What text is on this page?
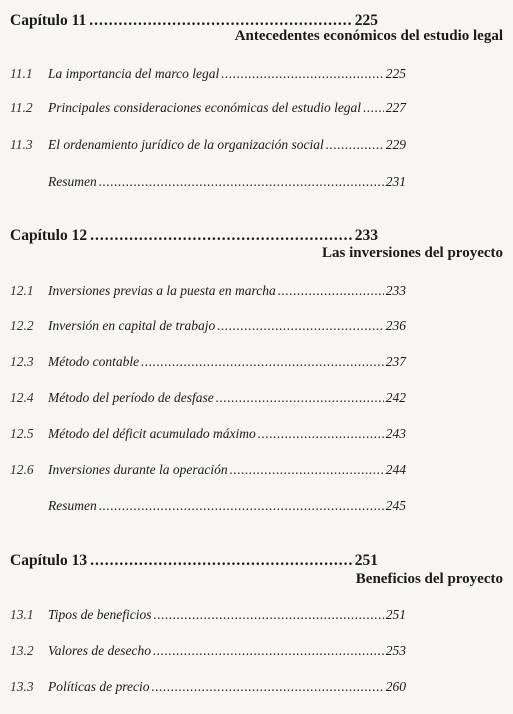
Capítulo 11 .....	225
Antecedentes económicos del estudio legal
11.1	La importancia del marco legal .....	225
11.2	Principales consideraciones económicas del estudio legal ..... 227
11.3	El ordenamiento jurídico de la organización social .....	229
Resumen .....	231
Capítulo 12 .....	233
Las inversiones del proyecto
12.1	Inversiones previas a la puesta en marcha .....	233
12.2	Inversión en capital de trabajo .....	236
12.3	Método contable .....	237
12.4	Método del período de desfase .....	242
12.5	Método del déficit acumulado máximo .....	243
12.6	Inversiones durante la operación .....	244
Resumen .....	245
Capítulo 13 .....	251
Beneficios del proyecto
13.1	Tipos de beneficios .....	251
13.2	Valores de desecho .....	253
13.3	Políticas de precio .....	260
